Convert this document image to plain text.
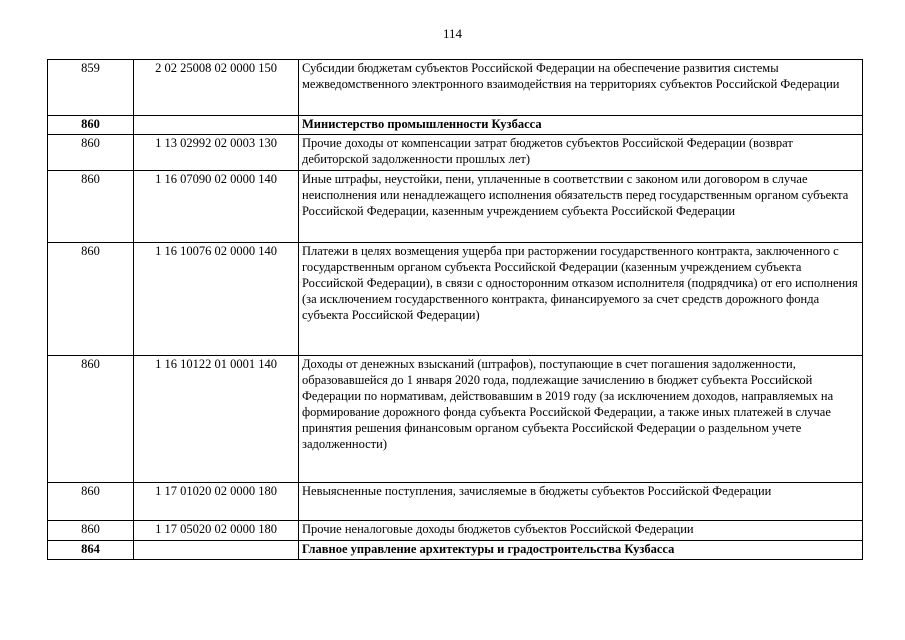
114
859	2 02 25008 02 0000 150	Субсидии бюджетам субъектов Российской Федерации на обеспечение развития системы межведомственного электронного взаимодействия на территориях субъектов Российской Федерации
860		Министерство промышленности Кузбасса
860	1 13 02992 02 0003 130	Прочие доходы от компенсации затрат бюджетов субъектов Российской Федерации (возврат дебиторской задолженности прошлых лет)
860	1 16 07090 02 0000 140	Иные штрафы, неустойки, пени, уплаченные в соответствии с законом или договором в случае неисполнения или ненадлежащего исполнения обязательств перед государственным органом субъекта Российской Федерации, казенным учреждением субъекта Российской Федерации
860	1 16 10076 02 0000 140	Платежи в целях возмещения ущерба при расторжении государственного контракта, заключенного с государственным органом субъекта Российской Федерации (казенным учреждением субъекта Российской Федерации), в связи с односторонним отказом исполнителя (подрядчика) от его исполнения (за исключением государственного контракта, финансируемого за счет средств дорожного фонда субъекта Российской Федерации)
860	1 16 10122 01 0001 140	Доходы от денежных взысканий (штрафов), поступающие в счет погашения задолженности, образовавшейся до 1 января 2020 года, подлежащие зачислению в бюджет субъекта Российской Федерации по нормативам, действовавшим в 2019 году (за исключением доходов, направляемых на формирование дорожного фонда субъекта Российской Федерации, а также иных платежей в случае принятия решения финансовым органом субъекта Российской Федерации о раздельном учете задолженности)
860	1 17 01020 02 0000 180	Невыясненные поступления, зачисляемые в бюджеты субъектов Российской Федерации
860	1 17 05020 02 0000 180	Прочие неналоговые доходы бюджетов субъектов Российской Федерации
864		Главное управление архитектуры и градостроительства Кузбасса
